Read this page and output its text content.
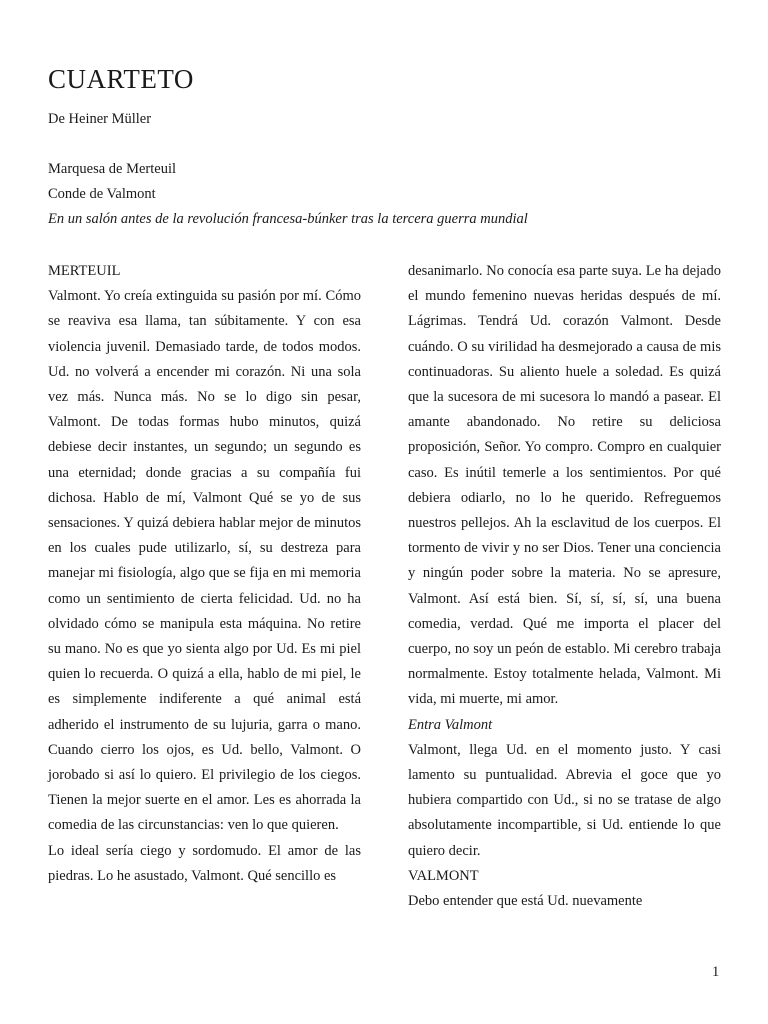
CUARTETO
De Heiner Müller
Marquesa de Merteuil
Conde de Valmont
En un salón antes de la revolución francesa-búnker tras la tercera guerra mundial

MERTEUIL

Valmont. Yo creía extinguida su pasión por mí. Cómo se reaviva esa llama, tan súbitamente. Y con esa violencia juvenil. Demasiado tarde, de todos modos. Ud. no volverá a encender mi corazón. Ni una sola vez más. Nunca más. No se lo digo sin pesar, Valmont. De todas formas hubo minutos, quizá debiese decir instantes, un segundo; un segundo es una eternidad; donde gracias a su compañía fui dichosa. Hablo de mí, Valmont Qué se yo de sus sensaciones. Y quizá debiera hablar mejor de minutos en los cuales pude utilizarlo, sí, su destreza para manejar mi fisiología, algo que se fija en mi memoria como un sentimiento de cierta felicidad. Ud. no ha olvidado cómo se manipula esta máquina. No retire su mano. No es que yo sienta algo por Ud. Es mi piel quien lo recuerda. O quizá a ella, hablo de mi piel, le es simplemente indiferente a qué animal está adherido el instrumento de su lujuria, garra o mano. Cuando cierro los ojos, es Ud. bello, Valmont. O jorobado si así lo quiero. El privilegio de los ciegos. Tienen la mejor suerte en el amor. Les es ahorrada la comedia de las circunstancias: ven lo que quieren.

Lo ideal sería ciego y sordomudo. El amor de las piedras. Lo he asustado, Valmont. Qué sencillo es

desanimarlo. No conocía esa parte suya. Le ha dejado el mundo femenino nuevas heridas después de mí. Lágrimas. Tendrá Ud. corazón Valmont. Desde cuándo. O su virilidad ha desmejorado a causa de mis continuadoras. Su aliento huele a soledad. Es quizá que la sucesora de mi sucesora lo mandó a pasear. El amante abandonado. No retire su deliciosa proposición, Señor. Yo compro. Compro en cualquier caso. Es inútil temerle a los sentimientos. Por qué debiera odiarlo, no lo he querido. Refreguemos nuestros pellejos. Ah la esclavitud de los cuerpos. El tormento de vivir y no ser Dios. Tener una conciencia y ningún poder sobre la materia. No se apresure, Valmont. Así está bien. Sí, sí, sí, sí, una buena comedia, verdad. Qué me importa el placer del cuerpo, no soy un peón de establo. Mi cerebro trabaja normalmente. Estoy totalmente helada, Valmont. Mi vida, mi muerte, mi amor.

Entra Valmont

Valmont, llega Ud. en el momento justo. Y casi lamento su puntualidad. Abrevia el goce que yo hubiera compartido con Ud., si no se tratase de algo absolutamente incompartible, si Ud. entiende lo que quiero decir.

VALMONT

Debo entender que está Ud. nuevamente

1
